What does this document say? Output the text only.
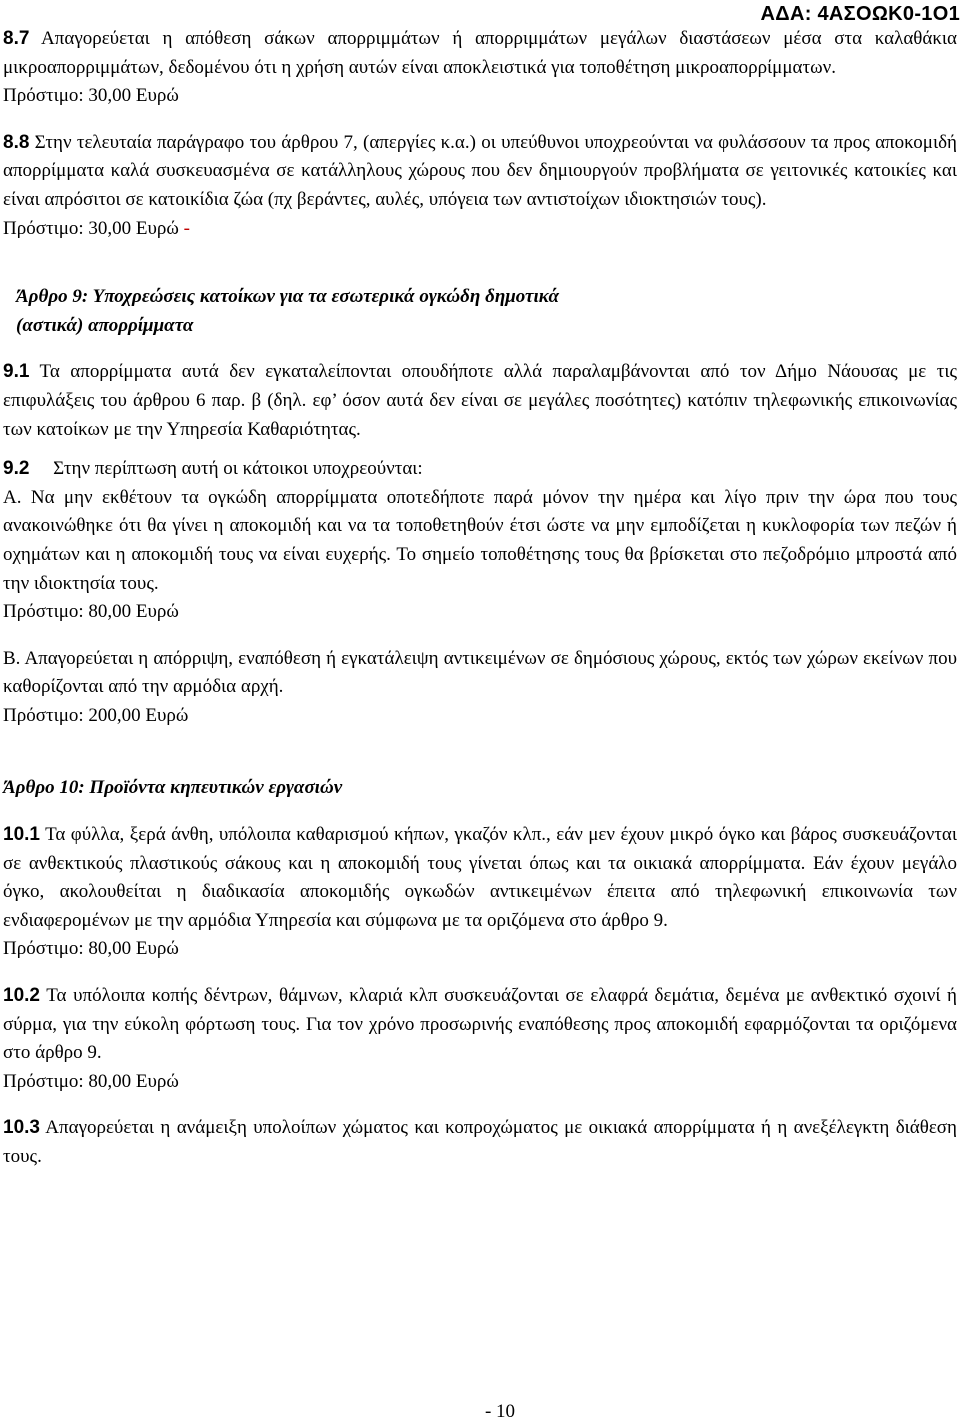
ΑΔΑ: 4ΑΣΟΩΚ0-1Ο1

8.7 Απαγορεύεται η απόθεση σάκων απορριμμάτων ή απορριμμάτων μεγάλων διαστάσεων μέσα στα καλαθάκια μικροαπορριμμάτων, δεδομένου ότι η χρήση αυτών είναι αποκλειστικά για τοποθέτηση μικροαπορρίμματων.

Πρόστιμο: 30,00 Ευρώ

8.8 Στην τελευταία παράγραφο του άρθρου 7, (απεργίες κ.α.) οι υπεύθυνοι υποχρεούνται να φυλάσσουν τα προς αποκομιδή απορρίμματα καλά συσκευασμένα σε κατάλληλους χώρους που δεν δημιουργούν προβλήματα σε γειτονικές κατοικίες και είναι απρόσιτοι σε κατοικίδια ζώα (πχ βεράντες, αυλές, υπόγεια των αντιστοίχων ιδιοκτησιών τους).

Πρόστιμο: 30,00 Ευρώ -

Άρθρο 9: Υποχρεώσεις κατοίκων για τα εσωτερικά ογκώδη δημοτικά

(αστικά) απορρίμματα

9.1 Τα απορρίμματα αυτά δεν εγκαταλείπονται οπουδήποτε αλλά παραλαμβάνονται από τον Δήμο Νάουσας με τις επιφυλάξεις του άρθρου 6 παρ. β (δηλ. εφ’ όσον αυτά δεν είναι σε μεγάλες ποσότητες) κατόπιν τηλεφωνικής επικοινωνίας των κατοίκων με την Υπηρεσία Καθαριότητας.

9.2     Στην περίπτωση αυτή οι κάτοικοι υποχρεούνται:

Α. Να μην εκθέτουν τα ογκώδη απορρίμματα οποτεδήποτε παρά μόνον την ημέρα και λίγο πριν την ώρα που τους ανακοινώθηκε ότι θα γίνει η αποκομιδή και να τα τοποθετηθούν έτσι ώστε να μην εμποδίζεται η κυκλοφορία των πεζών ή οχημάτων και η αποκομιδή τους να είναι ευχερής. Το σημείο τοποθέτησης τους θα βρίσκεται στο πεζοδρόμιο μπροστά από την ιδιοκτησία τους.

Πρόστιμο: 80,00 Ευρώ

Β. Απαγορεύεται η απόρριψη, εναπόθεση ή εγκατάλειψη αντικειμένων σε δημόσιους χώρους, εκτός των χώρων εκείνων που καθορίζονται από την αρμόδια αρχή.

Πρόστιμο: 200,00 Ευρώ

Άρθρο 10: Προϊόντα κηπευτικών εργασιών

10.1 Τα φύλλα, ξερά άνθη, υπόλοιπα καθαρισμού κήπων, γκαζόν κλπ., εάν μεν έχουν μικρό όγκο και βάρος συσκευάζονται σε ανθεκτικούς πλαστικούς σάκους και η αποκομιδή τους γίνεται όπως και τα οικιακά απορρίμματα. Εάν έχουν μεγάλο όγκο, ακολουθείται η διαδικασία αποκομιδής ογκωδών αντικειμένων έπειτα από τηλεφωνική επικοινωνία των ενδιαφερομένων με την αρμόδια Υπηρεσία και σύμφωνα με τα οριζόμενα στο άρθρο 9.

Πρόστιμο: 80,00 Ευρώ

10.2 Τα υπόλοιπα κοπής δέντρων, θάμνων, κλαριά κλπ συσκευάζονται σε ελαφρά δεμάτια, δεμένα με ανθεκτικό σχοινί ή σύρμα, για την εύκολη φόρτωση τους. Για τον χρόνο προσωρινής εναπόθεσης προς αποκομιδή εφαρμόζονται τα οριζόμενα στο άρθρο 9.

Πρόστιμο: 80,00 Ευρώ

10.3 Απαγορεύεται η ανάμειξη υπολοίπων χώματος και κοπροχώματος με οικιακά απορρίμματα ή η ανεξέλεγκτη διάθεση τους.

- 10
